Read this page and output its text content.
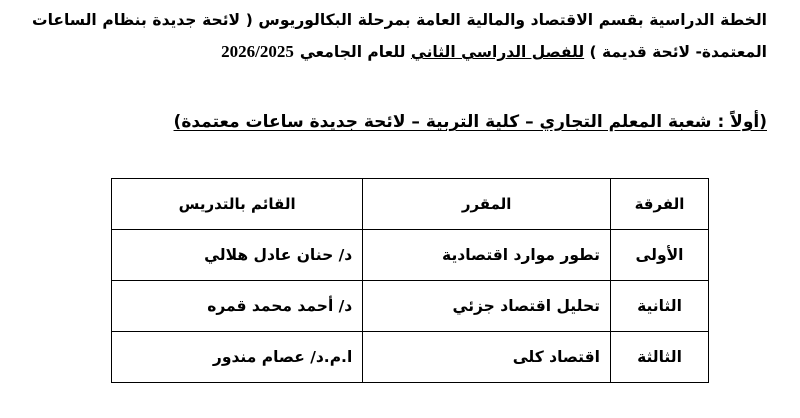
الخطة الدراسية بقسم الاقتصاد والمالية العامة بمرحلة البكالوريوس ( لائحة جديدة بنظام الساعات المعتمدة- لائحة قديمة ) للفصل الدراسي الثاني للعام الجامعي2026/2025
(أولاً : شعبة المعلم التجاري – كلية التربية – لائحة جديدة ساعات معتمدة)
الفرقة	المقرر	القائم بالتدريس
الأولى	تطور موارد اقتصادية	د/ حنان عادل هلالي
الثانية	تحليل اقتصاد جزئي	د/ أحمد محمد قمره
الثالثة	اقتصاد كلى	ا.م.د/ عصام مندور
